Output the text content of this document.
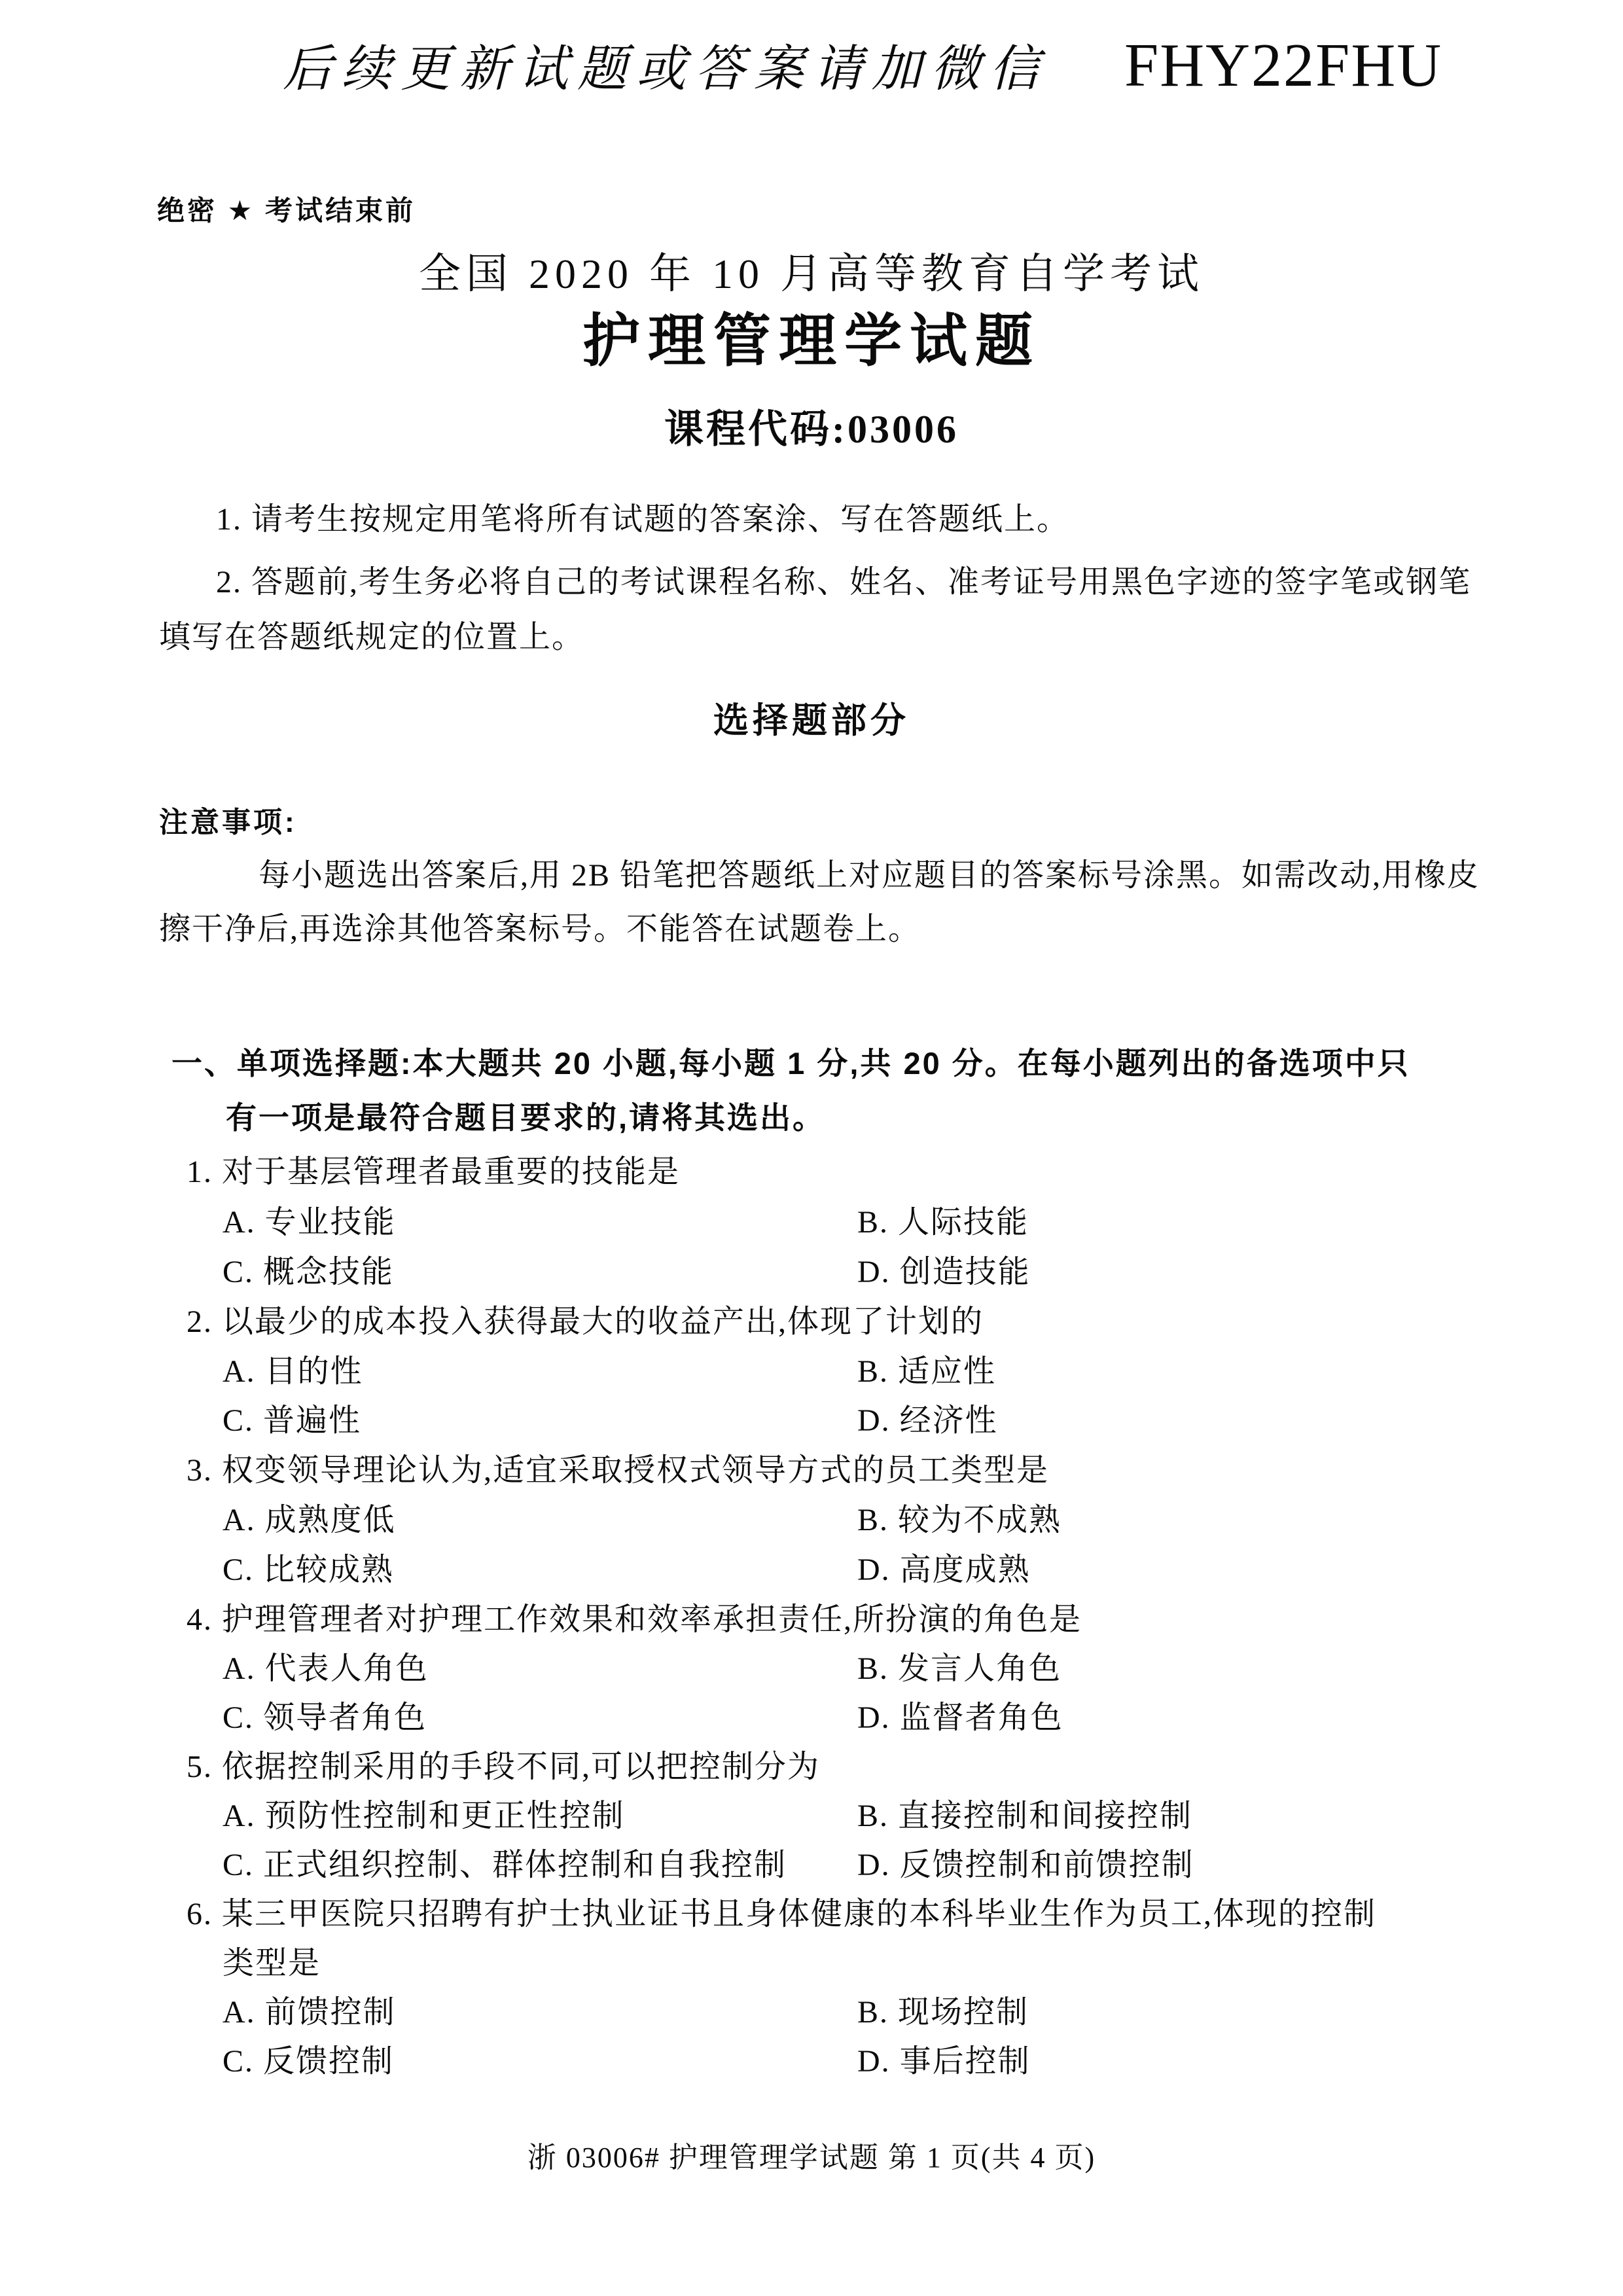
后续更新试题或答案请加微信 FHY22FHU
绝密 ★ 考试结束前
全国 2020 年 10 月高等教育自学考试
护理管理学试题
课程代码:03006
1. 请考生按规定用笔将所有试题的答案涂、写在答题纸上。
2. 答题前,考生务必将自己的考试课程名称、姓名、准考证号用黑色字迹的签字笔或钢笔
填写在答题纸规定的位置上。
选择题部分
注意事项:
每小题选出答案后,用 2B 铅笔把答题纸上对应题目的答案标号涂黑。如需改动,用橡皮
擦干净后,再选涂其他答案标号。不能答在试题卷上。
一、单项选择题:本大题共 20 小题,每小题 1 分,共 20 分。在每小题列出的备选项中只
有一项是最符合题目要求的,请将其选出。
1. 对于基层管理者最重要的技能是
A. 专业技能	B. 人际技能
C. 概念技能	D. 创造技能
2. 以最少的成本投入获得最大的收益产出,体现了计划的
A. 目的性	B. 适应性
C. 普遍性	D. 经济性
3. 权变领导理论认为,适宜采取授权式领导方式的员工类型是
A. 成熟度低	B. 较为不成熟
C. 比较成熟	D. 高度成熟
4. 护理管理者对护理工作效果和效率承担责任,所扮演的角色是
A. 代表人角色	B. 发言人角色
C. 领导者角色	D. 监督者角色
5. 依据控制采用的手段不同,可以把控制分为
A. 预防性控制和更正性控制	B. 直接控制和间接控制
C. 正式组织控制、群体控制和自我控制 D. 反馈控制和前馈控制
6. 某三甲医院只招聘有护士执业证书且身体健康的本科毕业生作为员工,体现的控制
类型是
A. 前馈控制	B. 现场控制
C. 反馈控制	D. 事后控制
浙 03006# 护理管理学试题 第 1 页(共 4 页)
